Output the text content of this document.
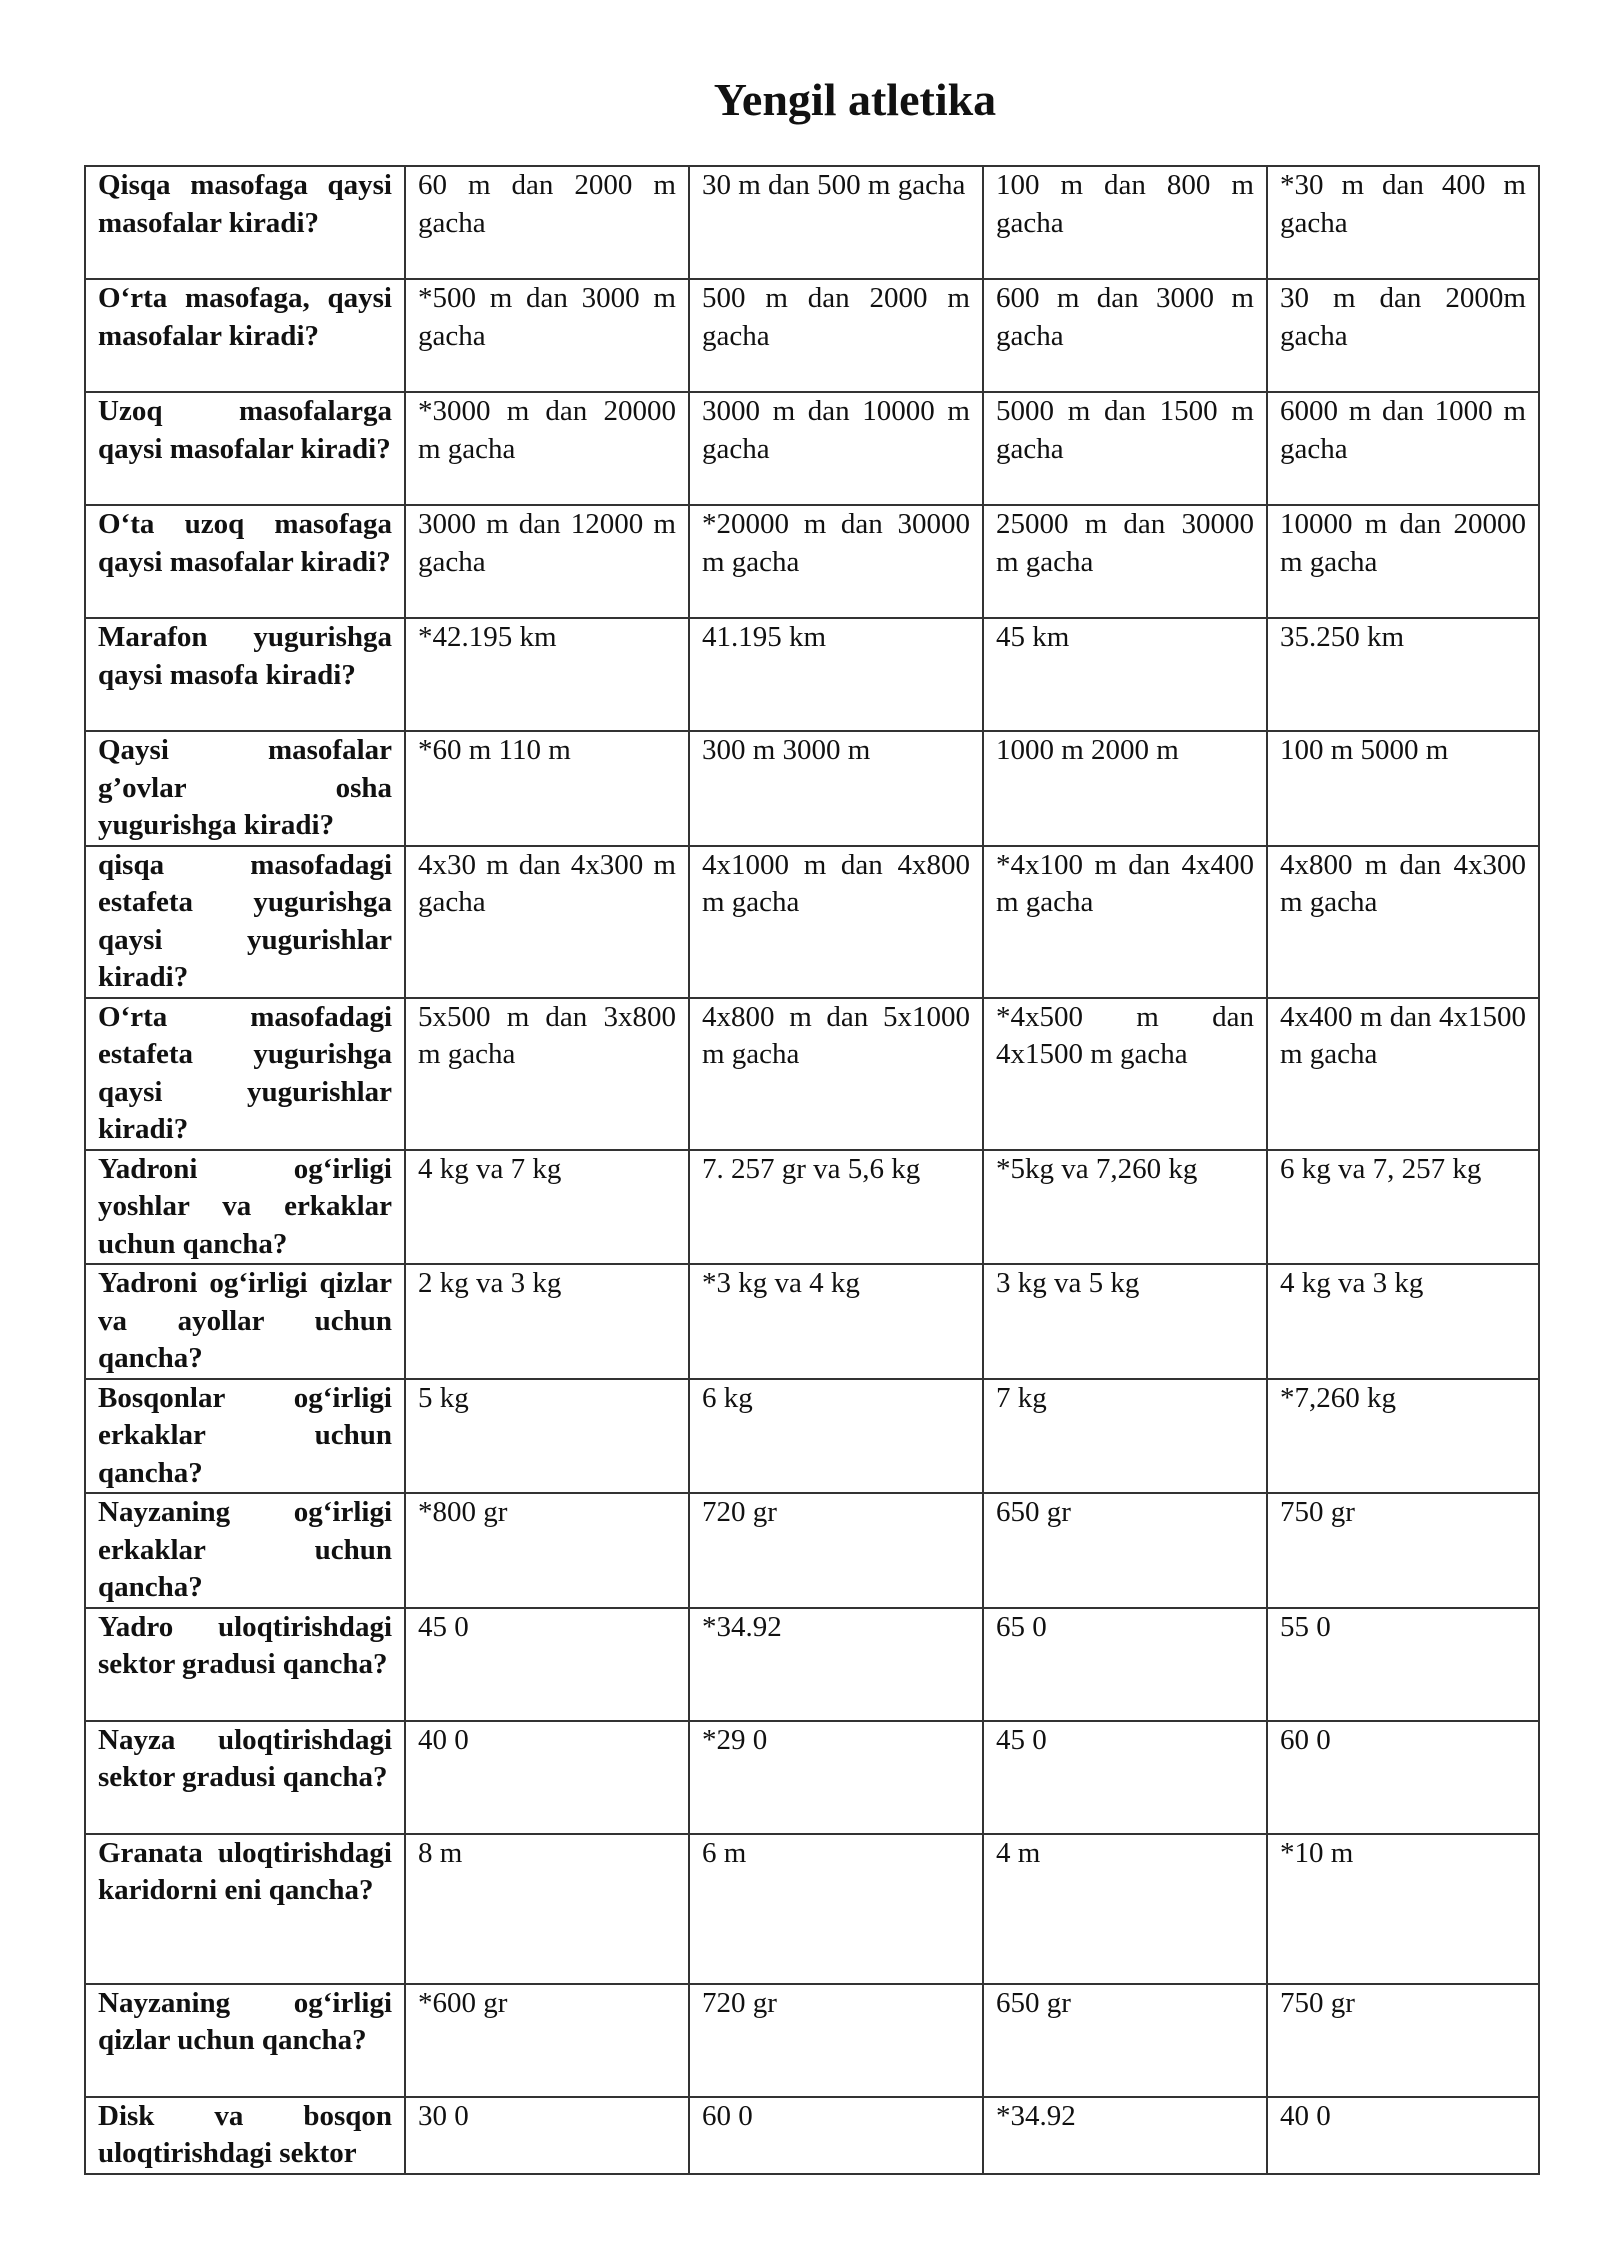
Yengil atletika
Qisqa masofaga qaysi masofalar kiradi?	60 m dan 2000 m gacha	30 m dan 500 m gacha	100 m dan 800 m gacha	*30 m dan 400 m gacha

O‘rta masofaga, qaysi masofalar kiradi?	*500 m dan 3000 m gacha	500 m dan 2000 m gacha	600 m dan 3000 m gacha	30 m dan 2000m gacha

Uzoq masofalarga qaysi masofalar kiradi?	*3000 m dan 20000 m gacha	3000 m dan 10000 m gacha	5000 m dan 1500 m gacha	6000 m dan 1000 m gacha

O‘ta uzoq masofaga qaysi masofalar kiradi?	3000 m dan 12000 m gacha	*20000 m dan 30000 m gacha	25000 m dan 30000 m gacha	10000 m dan 20000 m gacha

Marafon yugurishga qaysi masofa kiradi?	*42.195 km	41.195 km	45 km	35.250 km

Qaysi masofalar g’ovlar osha yugurishga kiradi?	*60 m 110 m	300 m 3000 m	1000 m 2000 m	100 m 5000 m

qisqa masofadagi estafeta yugurishga qaysi yugurishlar kiradi?	4x30 m dan 4x300 m gacha	4x1000 m dan 4x800 m gacha	*4x100 m dan 4x400 m gacha	4x800 m dan 4x300 m gacha

O‘rta masofadagi estafeta yugurishga qaysi yugurishlar kiradi?	5x500 m dan 3x800 m gacha	4x800 m dan 5x1000 m gacha	*4x500 m dan 4x1500 m gacha	4x400 m dan 4x1500 m gacha

Yadroni og‘irligi yoshlar va erkaklar uchun qancha?	4 kg va 7 kg	7. 257 gr va 5,6 kg	*5kg va 7,260 kg	6 kg va 7, 257 kg

Yadroni og‘irligi qizlar va ayollar uchun qancha?	2 kg va 3 kg	*3 kg va 4 kg	3 kg va 5 kg	4 kg va 3 kg

Bosqonlar og‘irligi erkaklar uchun qancha?	5 kg	6 kg	7 kg	*7,260 kg

Nayzaning og‘irligi erkaklar uchun qancha?	*800 gr	720 gr	650 gr	750 gr

Yadro uloqtirishdagi sektor gradusi qancha?	45 0	*34.92	65 0	55 0

Nayza uloqtirishdagi sektor gradusi qancha?	40 0	*29 0	45 0	60 0

Granata uloqtirishdagi karidorni eni qancha?	8 m	6 m	4 m	*10 m

Nayzaning og‘irligi qizlar uchun qancha?	*600 gr	720 gr	650 gr	750 gr

Disk va bosqon uloqtirishdagi sektor	30 0	60 0	*34.92	40 0
